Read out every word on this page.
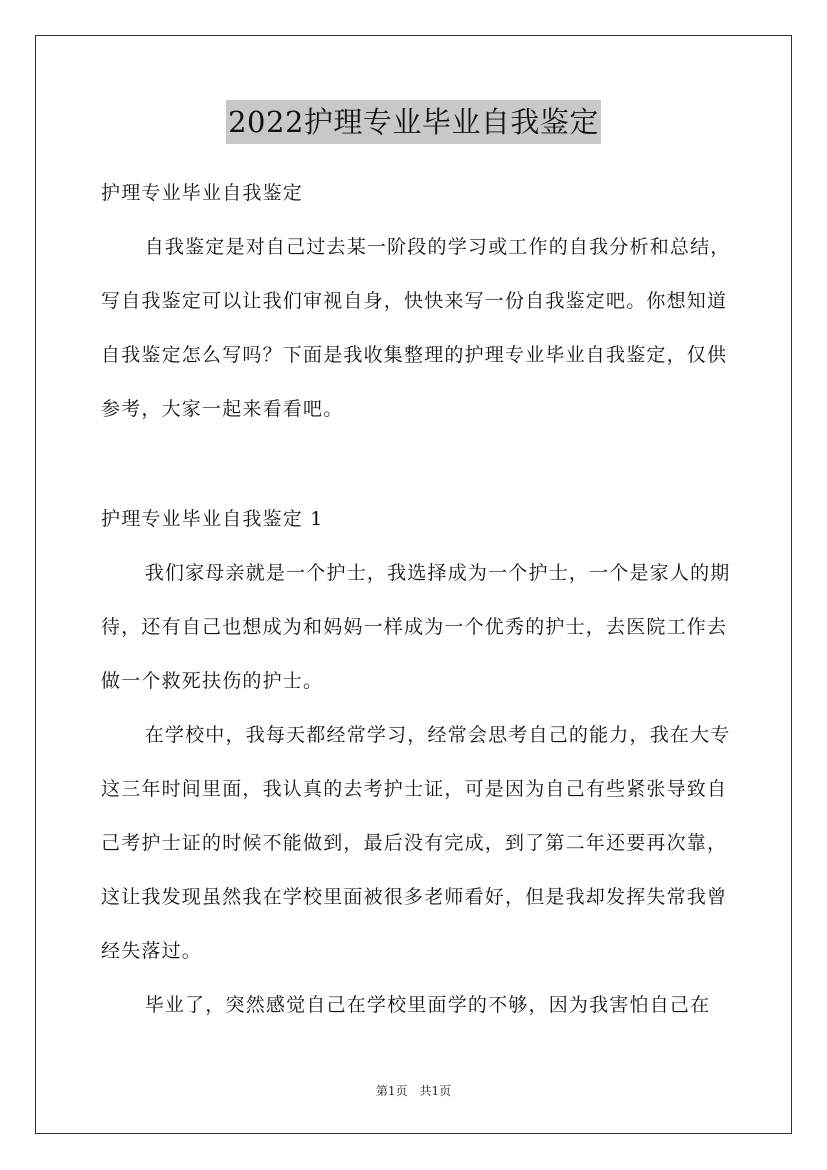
2022护理专业毕业自我鉴定

护理专业毕业自我鉴定

自我鉴定是对自己过去某一阶段的学习或工作的自我分析和总结，写自我鉴定可以让我们审视自身，快快来写一份自我鉴定吧。你想知道自我鉴定怎么写吗？下面是我收集整理的护理专业毕业自我鉴定，仅供参考，大家一起来看看吧。

护理专业毕业自我鉴定 1

我们家母亲就是一个护士，我选择成为一个护士，一个是家人的期待，还有自己也想成为和妈妈一样成为一个优秀的护士，去医院工作去做一个救死扶伤的护士。

在学校中，我每天都经常学习，经常会思考自己的能力，我在大专这三年时间里面，我认真的去考护士证，可是因为自己有些紧张导致自己考护士证的时候不能做到，最后没有完成，到了第二年还要再次靠，这让我发现虽然我在学校里面被很多老师看好，但是我却发挥失常我曾经失落过。

毕业了，突然感觉自己在学校里面学的不够，因为我害怕自己在

第1页　共1页
